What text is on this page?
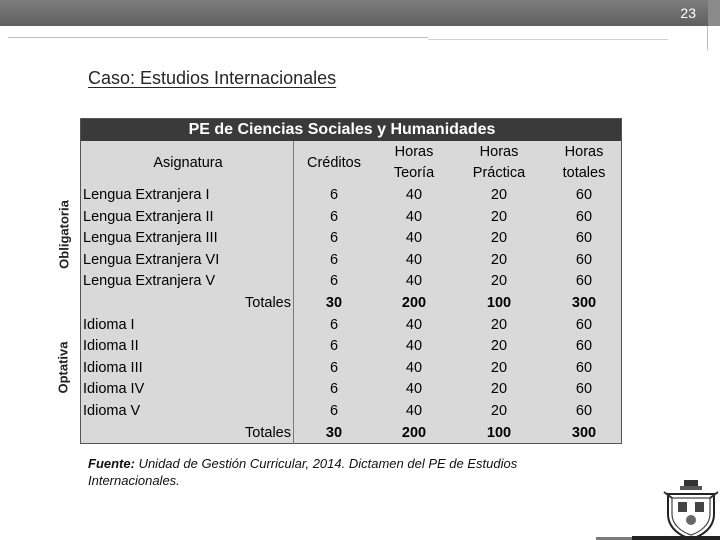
23
Caso: Estudios Internacionales
Obligatoria
Optativa
PE de Ciencias Sociales y Humanidades
Asignatura	Créditos	Horas Teoría	Horas Práctica	Horas totales
Lengua Extranjera I	6	40	20	60
Lengua Extranjera II	6	40	20	60
Lengua Extranjera III	6	40	20	60
Lengua Extranjera VI	6	40	20	60
Lengua Extranjera V	6	40	20	60
Totales	30	200	100	300
Idioma I	6	40	20	60
Idioma II	6	40	20	60
Idioma III	6	40	20	60
Idioma IV	6	40	20	60
Idioma V	6	40	20	60
Totales	30	200	100	300
Fuente: Unidad de Gestión Curricular, 2014. Dictamen del PE de Estudios Internacionales.
